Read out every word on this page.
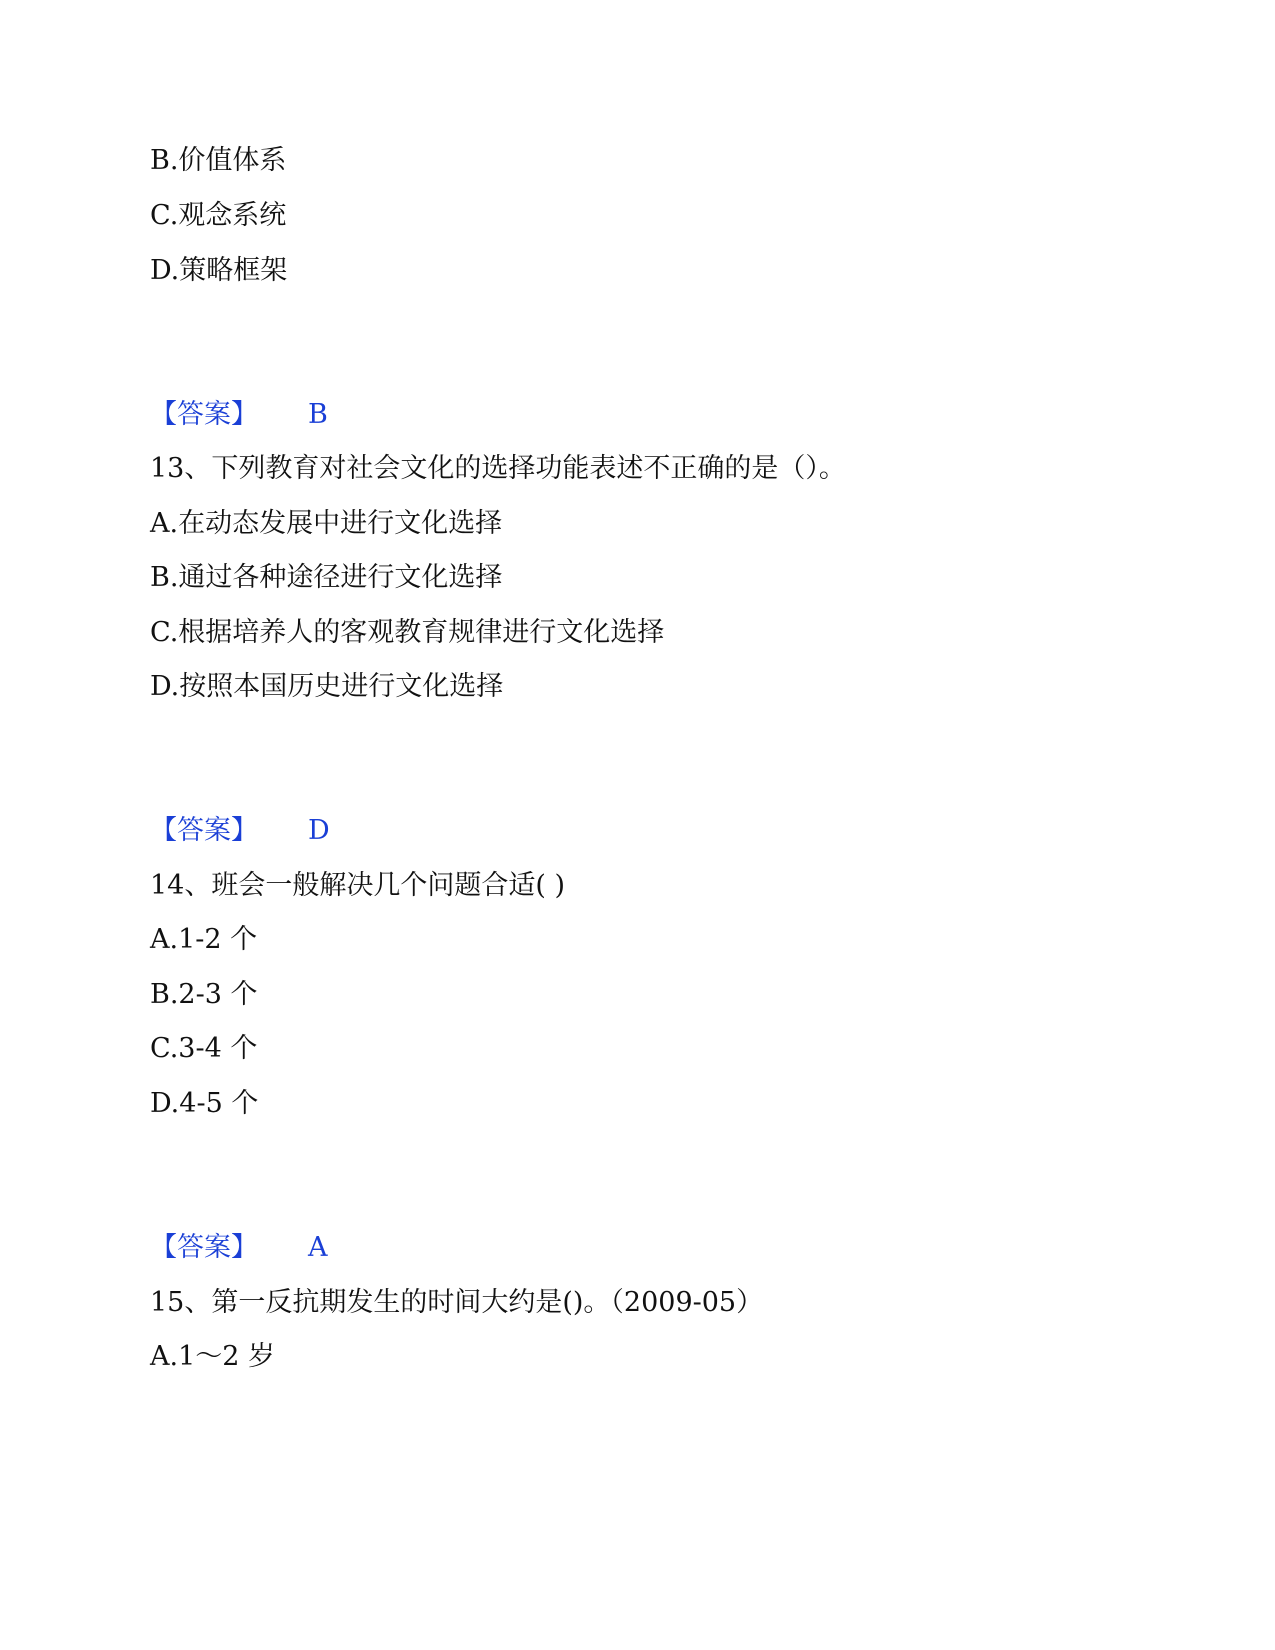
B.价值体系
C.观念系统
D.策略框架
【答案】 B
13、下列教育对社会文化的选择功能表述不正确的是（）。
A.在动态发展中进行文化选择
B.通过各种途径进行文化选择
C.根据培养人的客观教育规律进行文化选择
D.按照本国历史进行文化选择
【答案】 D
14、班会一般解决几个问题合适( )
A.1-2 个
B.2-3 个
C.3-4 个
D.4-5 个
【答案】 A
15、第一反抗期发生的时间大约是()。（2009-05）
A.1～2 岁
